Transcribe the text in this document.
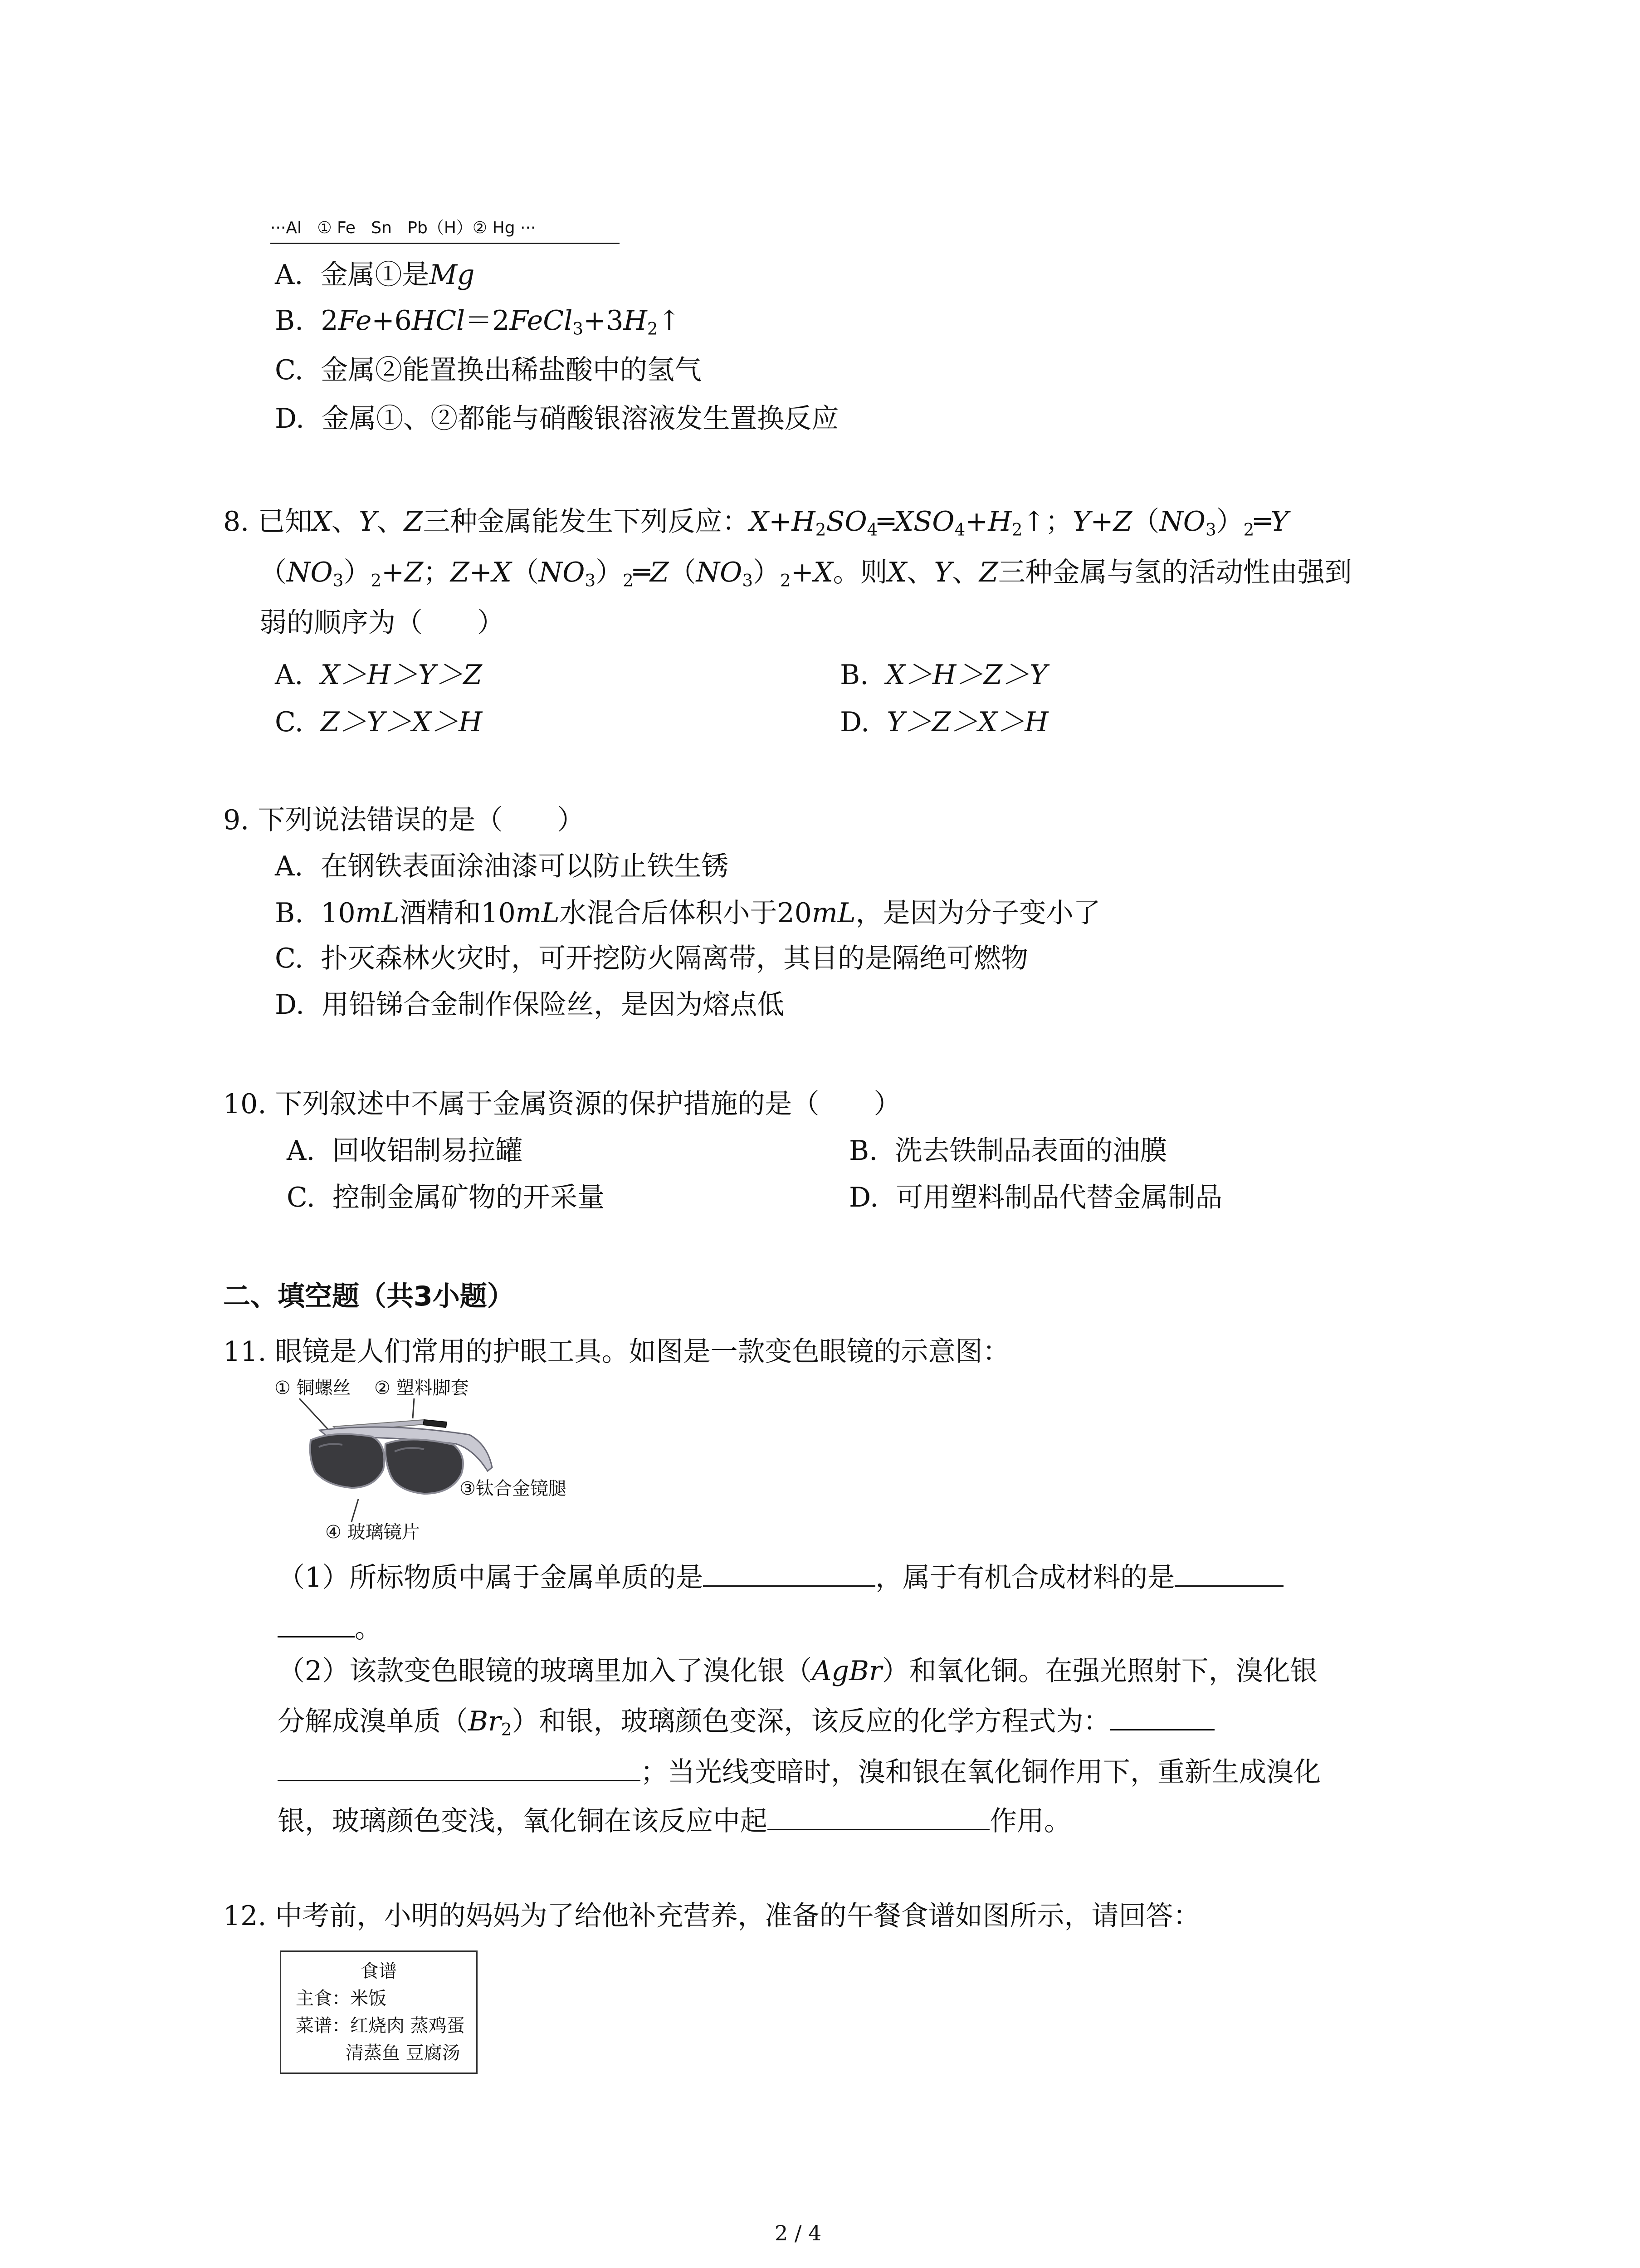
···Al ① Fe Sn Pb（H）② Hg ···
A. 金属①是Mg
B. $2Fe+6HCl=2FeCl_3+3H_2↑$
C. 金属②能置换出稀盐酸中的氢气
D. 金属①、②都能与硝酸银溶液发生置换反应
8. 已知X、Y、Z三种金属能发生下列反应：$X+H_2SO_4═XSO_4+H_2↑$；$Y+Z(NO_3)_2═Y$
$(NO_3)_2+Z$；$Z+X(NO_3)_2═Z(NO_3)_2+X$。则X、Y、Z三种金属与氢的活动性由强到
弱的顺序为（　　）
A. X＞H＞Y＞Z	B. X＞H＞Z＞Y
C. Z＞Y＞X＞H	D. Y＞Z＞X＞H
9. 下列说法错误的是（　　）
A. 在钢铁表面涂油漆可以防止铁生锈
B. 10mL酒精和10mL水混合后体积小于20mL，是因为分子变小了
C. 扑灭森林火灾时，可开挖防火隔离带，其目的是隔绝可燃物
D. 用铅锑合金制作保险丝，是因为熔点低
10. 下列叙述中不属于金属资源的保护措施的是（　　）
A. 回收铝制易拉罐	B. 洗去铁制品表面的油膜
C. 控制金属矿物的开采量	D. 可用塑料制品代替金属制品
二、填空题（共3小题）
11. 眼镜是人们常用的护眼工具。如图是一款变色眼镜的示意图：
① 铜螺丝 ② 塑料脚套
③钛合金镜腿
④ 玻璃镜片
（1）所标物质中属于金属单质的是	，属于有机合成材料的是
。
（2）该款变色眼镜的玻璃里加入了溴化银（AgBr）和氧化铜。在强光照射下，溴化银
分解成溴单质$(Br_2)$和银，玻璃颜色变深，该反应的化学方程式为：
；当光线变暗时，溴和银在氧化铜作用下，重新生成溴化
银，玻璃颜色变浅，氧化铜在该反应中起	作用。
12. 中考前，小明的妈妈为了给他补充营养，准备的午餐食谱如图所示，请回答：
食谱
主食：米饭
菜谱：红烧肉 蒸鸡蛋
清蒸鱼 豆腐汤
2 / 4
